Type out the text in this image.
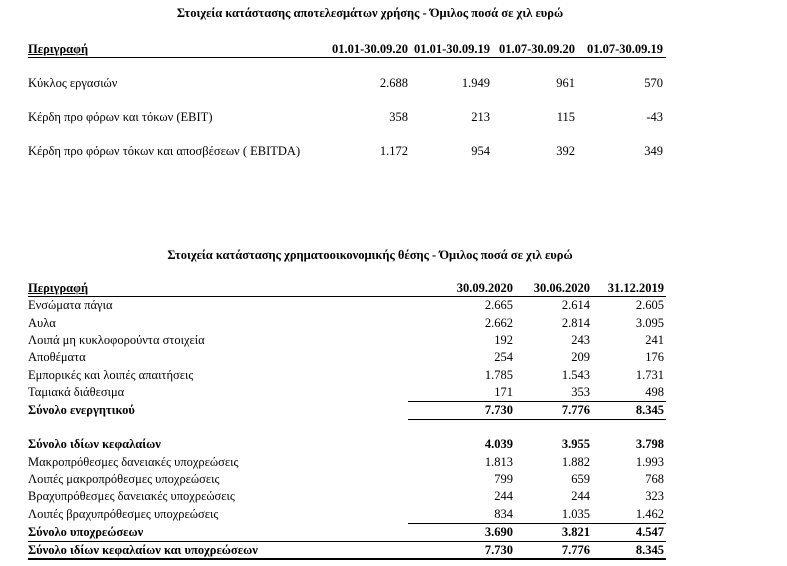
Στοιχεία κατάστασης αποτελεσμάτων χρήσης - Όμιλος ποσά σε χιλ ευρώ
Περιγραφή	01.01-30.09.20 01.01-30.09.19 01.07-30.09.20 01.07-30.09.19
Κύκλος εργασιών	2.688	1.949	961	570
Κέρδη προ φόρων και τόκων (EBIT)	358	213	115	-43
Κέρδη προ φόρων τόκων και αποσβέσεων ( EBITDA)	1.172	954	392	349
Στοιχεία κατάστασης χρηματοοικονομικής θέσης - Όμιλος ποσά σε χιλ ευρώ
Περιγραφή	30.09.2020	30.06.2020	31.12.2019
Ενσώματα πάγια	2.665	2.614	2.605
Αυλα	2.662	2.814	3.095
Λοιπά μη κυκλοφορούντα στοιχεία	192	243	241
Αποθέματα	254	209	176
Εμπορικές και λοιπές απαιτήσεις	1.785	1.543	1.731
Ταμιακά διάθεσιμα	171	353	498
Σύνολο ενεργητικού	7.730	7.776	8.345
Σύνολο ιδίων κεφαλαίων	4.039	3.955	3.798
Μακροπρόθεσμες δανειακές υποχρεώσεις	1.813	1.882	1.993
Λοιπές μακροπρόθεσμες υποχρεώσεις	799	659	768
Βραχυπρόθεσμες δανειακές υποχρεώσεις	244	244	323
Λοιπές βραχυπρόθεσμες υποχρεώσεις	834	1.035	1.462
Σύνολο υποχρεώσεων	3.690	3.821	4.547
Σύνολο ιδίων κεφαλαίων και υποχρεώσεων	7.730	7.776	8.345
